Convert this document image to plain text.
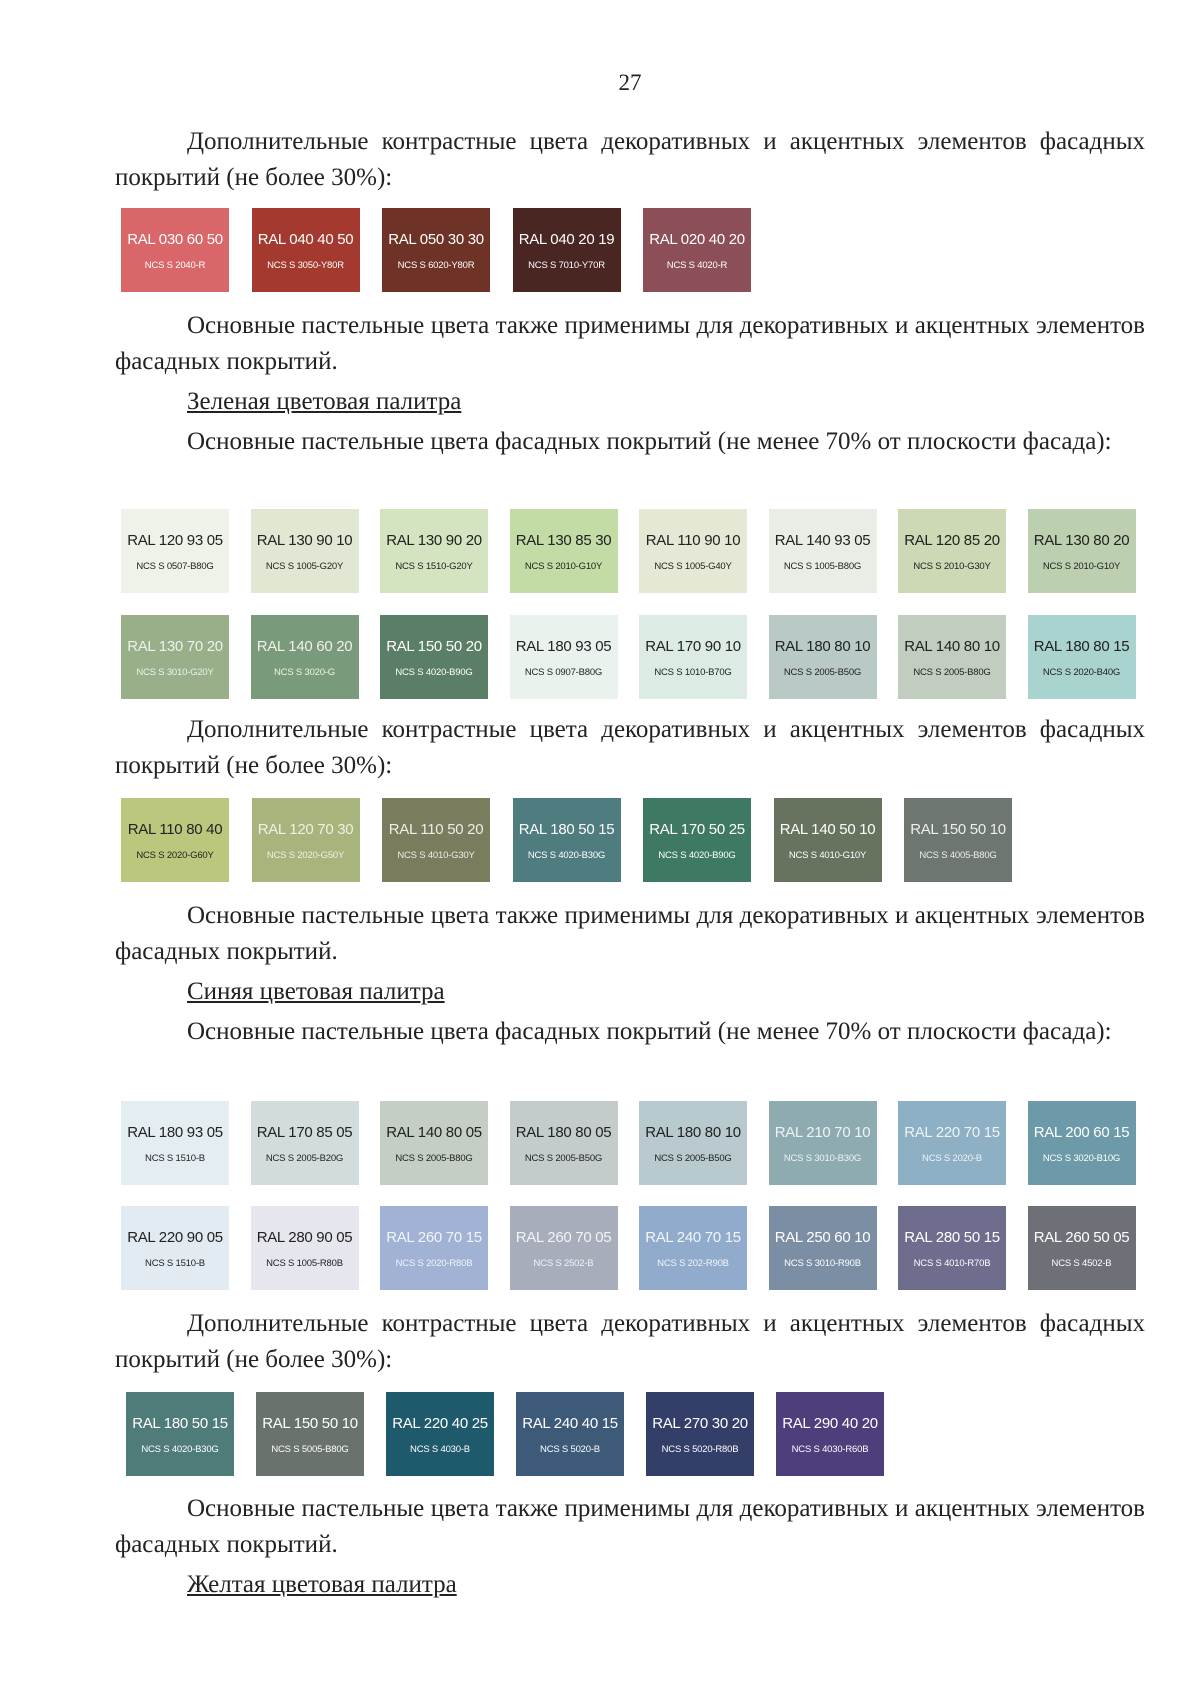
27

Дополнительные контрастные цвета декоративных и акцентных элементов фасадных покрытий (не более 30%):

RAL 030 60 50
NCS S 2040-R
RAL 040 40 50
NCS S 3050-Y80R
RAL 050 30 30
NCS S 6020-Y80R
RAL 040 20 19
NCS S 7010-Y70R
RAL 020 40 20
NCS S 4020-R

Основные пастельные цвета также применимы для декоративных и акцентных элементов фасадных покрытий.

Зеленая цветовая палитра

Основные пастельные цвета фасадных покрытий (не менее 70% от плоскости фасада):

RAL 120 93 05
NCS S 0507-B80G
RAL 130 90 10
NCS S 1005-G20Y
RAL 130 90 20
NCS S 1510-G20Y
RAL 130 85 30
NCS S 2010-G10Y
RAL 110 90 10
NCS S 1005-G40Y
RAL 140 93 05
NCS S 1005-B80G
RAL 120 85 20
NCS S 2010-G30Y
RAL 130 80 20
NCS S 2010-G10Y
RAL 130 70 20
NCS S 3010-G20Y
RAL 140 60 20
NCS S 3020-G
RAL 150 50 20
NCS S 4020-B90G
RAL 180 93 05
NCS S 0907-B80G
RAL 170 90 10
NCS S 1010-B70G
RAL 180 80 10
NCS S 2005-B50G
RAL 140 80 10
NCS S 2005-B80G
RAL 180 80 15
NCS S 2020-B40G

Дополнительные контрастные цвета декоративных и акцентных элементов фасадных покрытий (не более 30%):

RAL 110 80 40
NCS S 2020-G60Y
RAL 120 70 30
NCS S 2020-G50Y
RAL 110 50 20
NCS S 4010-G30Y
RAL 180 50 15
NCS S 4020-B30G
RAL 170 50 25
NCS S 4020-B90G
RAL 140 50 10
NCS S 4010-G10Y
RAL 150 50 10
NCS S 4005-B80G

Основные пастельные цвета также применимы для декоративных и акцентных элементов фасадных покрытий.

Синяя цветовая палитра

Основные пастельные цвета фасадных покрытий (не менее 70% от плоскости фасада):

RAL 180 93 05
NCS S 1510-B
RAL 170 85 05
NCS S 2005-B20G
RAL 140 80 05
NCS S 2005-B80G
RAL 180 80 05
NCS S 2005-B50G
RAL 180 80 10
NCS S 2005-B50G
RAL 210 70 10
NCS S 3010-B30G
RAL 220 70 15
NCS S 2020-B
RAL 200 60 15
NCS S 3020-B10G
RAL 220 90 05
NCS S 1510-B
RAL 280 90 05
NCS S 1005-R80B
RAL 260 70 15
NCS S 2020-R80B
RAL 260 70 05
NCS S 2502-B
RAL 240 70 15
NCS S 202-R90B
RAL 250 60 10
NCS S 3010-R90B
RAL 280 50 15
NCS S 4010-R70B
RAL 260 50 05
NCS S 4502-B

Дополнительные контрастные цвета декоративных и акцентных элементов фасадных покрытий (не более 30%):

RAL 180 50 15
NCS S 4020-B30G
RAL 150 50 10
NCS S 5005-B80G
RAL 220 40 25
NCS S 4030-B
RAL 240 40 15
NCS S 5020-B
RAL 270 30 20
NCS S 5020-R80B
RAL 290 40 20
NCS S 4030-R60B

Основные пастельные цвета также применимы для декоративных и акцентных элементов фасадных покрытий.

Желтая цветовая палитра
